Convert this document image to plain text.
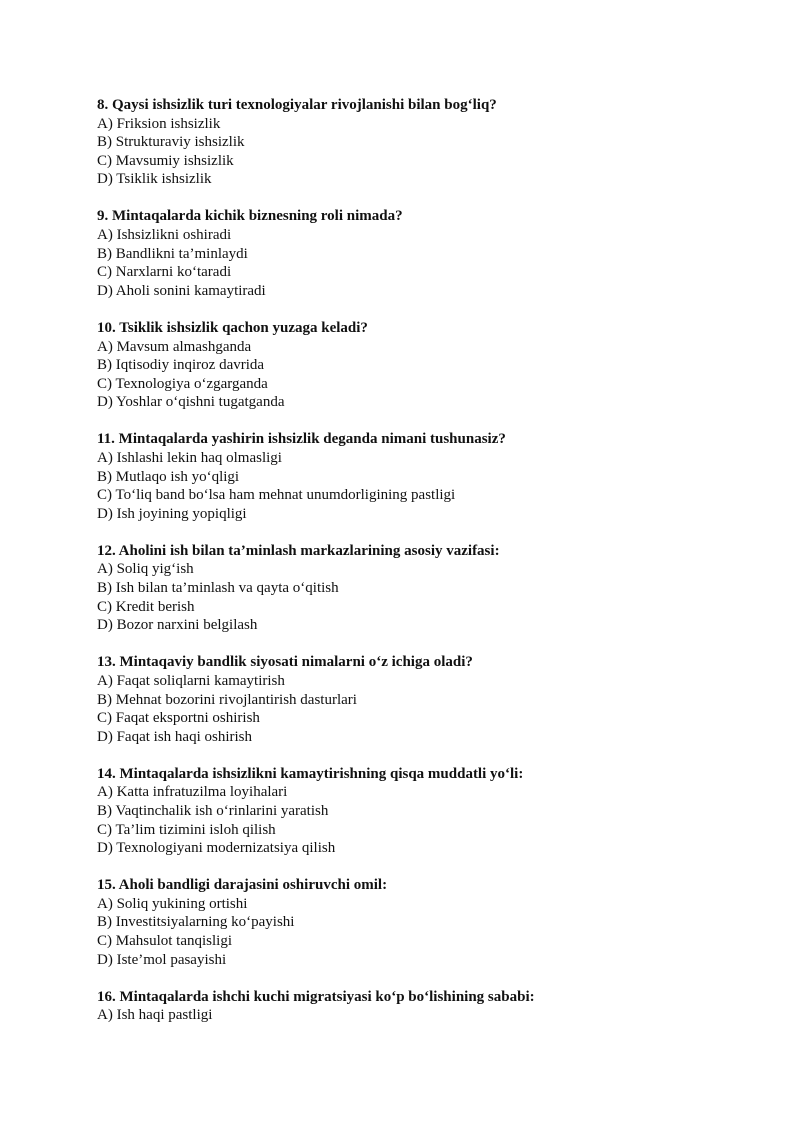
8. Qaysi ishsizlik turi texnologiyalar rivojlanishi bilan bog‘liq?
A) Friksion ishsizlik
B) Strukturaviy ishsizlik
C) Mavsumiy ishsizlik
D) Tsiklik ishsizlik
9. Mintaqalarda kichik biznesning roli nimada?
A) Ishsizlikni oshiradi
B) Bandlikni ta’minlaydi
C) Narxlarni ko‘taradi
D) Aholi sonini kamaytiradi
10. Tsiklik ishsizlik qachon yuzaga keladi?
A) Mavsum almashganda
B) Iqtisodiy inqiroz davrida
C) Texnologiya o‘zgarganda
D) Yoshlar o‘qishni tugatganda
11. Mintaqalarda yashirin ishsizlik deganda nimani tushunasiz?
A) Ishlashi lekin haq olmasligi
B) Mutlaqo ish yo‘qligi
C) To‘liq band bo‘lsa ham mehnat unumdorligining pastligi
D) Ish joyining yopiqligi
12. Aholini ish bilan ta’minlash markazlarining asosiy vazifasi:
A) Soliq yig‘ish
B) Ish bilan ta’minlash va qayta o‘qitish
C) Kredit berish
D) Bozor narxini belgilash
13. Mintaqaviy bandlik siyosati nimalarni o‘z ichiga oladi?
A) Faqat soliqlarni kamaytirish
B) Mehnat bozorini rivojlantirish dasturlari
C) Faqat eksportni oshirish
D) Faqat ish haqi oshirish
14. Mintaqalarda ishsizlikni kamaytirishning qisqa muddatli yo‘li:
A) Katta infratuzilma loyihalari
B) Vaqtinchalik ish o‘rinlarini yaratish
C) Ta’lim tizimini isloh qilish
D) Texnologiyani modernizatsiya qilish
15. Aholi bandligi darajasini oshiruvchi omil:
A) Soliq yukining ortishi
B) Investitsiyalarning ko‘payishi
C) Mahsulot tanqisligi
D) Iste’mol pasayishi
16. Mintaqalarda ishchi kuchi migratsiyasi ko‘p bo‘lishining sababi:
A) Ish haqi pastligi
